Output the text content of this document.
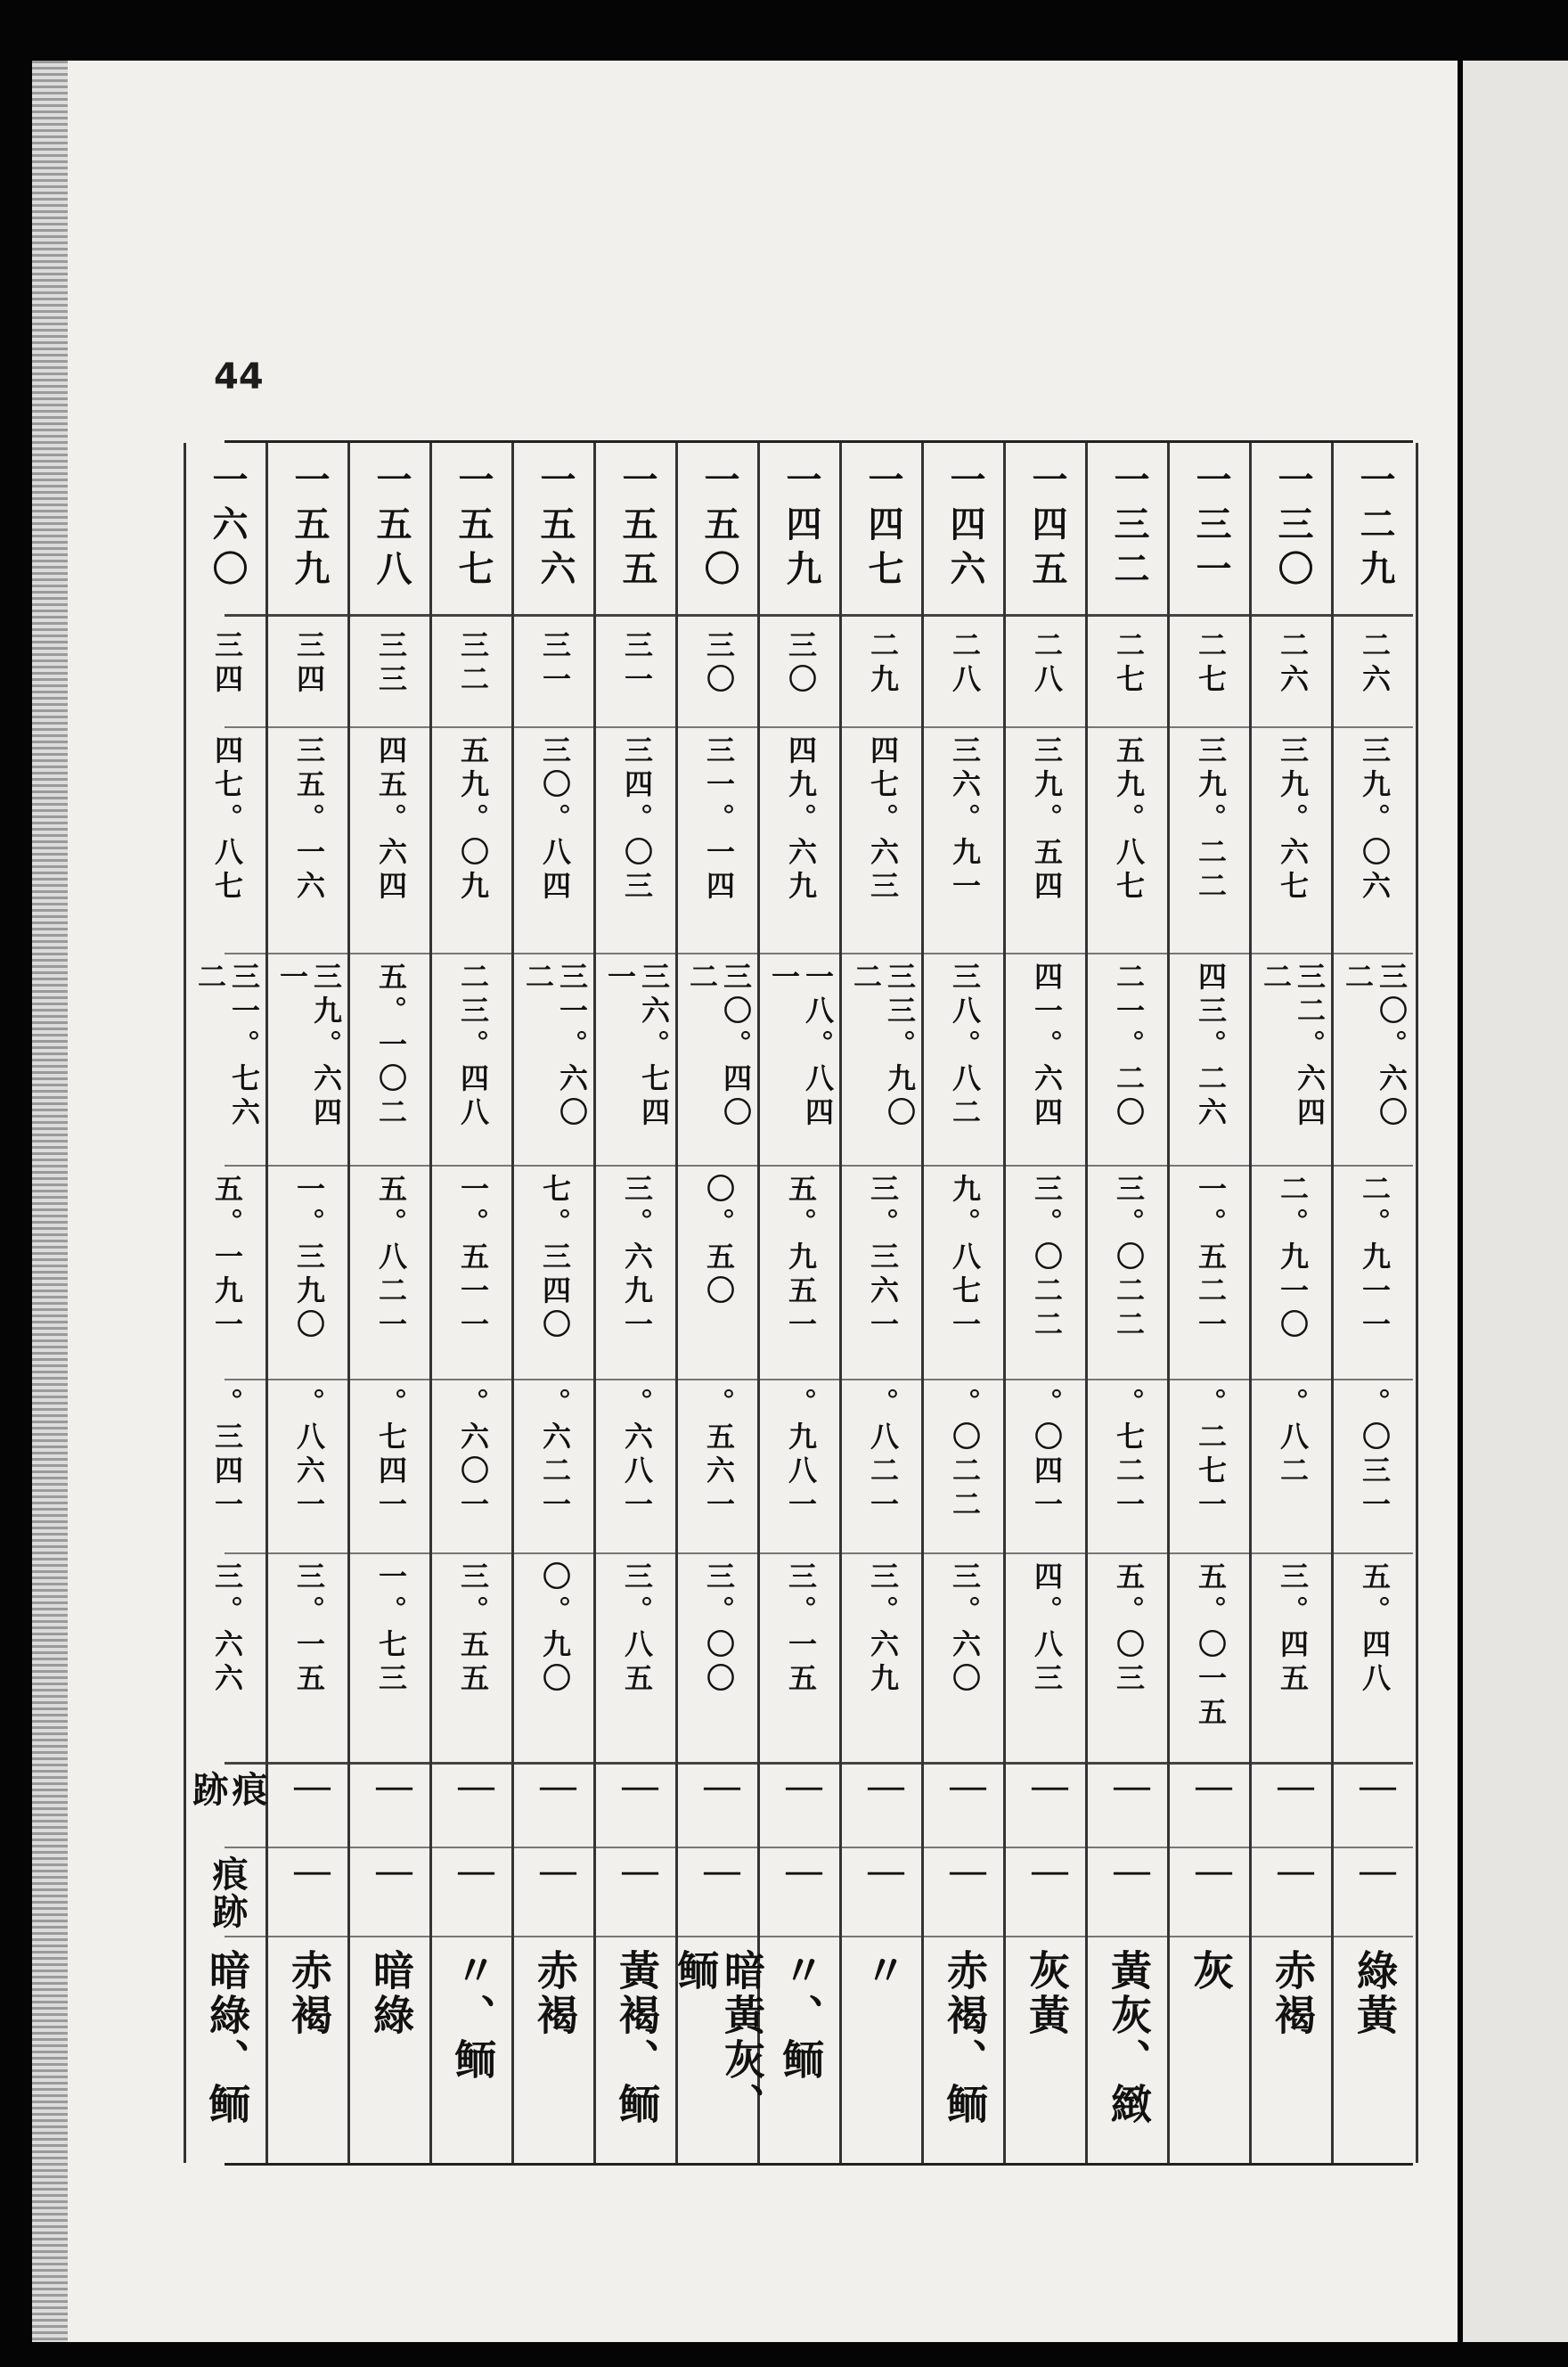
44
一二九
二六
三九。〇六
三〇。六〇二
二。九一一
。〇三一
五。四八
｜
｜
綠黃
一三〇
二六
三九。六七
三二。六四二
二。九一〇
。八二
三。四五
｜
｜
赤褐
一三一
二七
三九。二二
四三。二六
一。五二一
。二七一
五。〇一五
｜
｜
灰
一三二
二七
五九。八七
二一。二〇
三。〇二二
。七二一
五。〇三
｜
｜
黃灰、緻
一四五
二八
三九。五四
四一。六四
三。〇二二
。〇四一
四。八三
｜
｜
灰黃
一四六
二八
三六。九一
三八。八二
九。八七一
。〇二二
三。六〇
｜
｜
赤褐、鲕
一四七
二九
四七。六三
三三。九〇二
三。三六一
。八二一
三。六九
｜
｜
〃
一四九
三〇
四九。六九
一八。八四一
五。九五一
。九八一
三。一五
｜
｜
〃、鲕
一五〇
三〇
三一。一四
三〇。四〇二
〇。五〇
。五六一
三。〇〇
｜
｜
暗黃灰、鲕
一五五
三一
三四。〇三
三六。七四一
三。六九一
。六八一
三。八五
｜
｜
黃褐、鲕
一五六
三一
三〇。八四
三一。六〇二
七。三四〇
。六二一
〇。九〇
｜
｜
赤褐
一五七
三二
五九。〇九
二三。四八
一。五一一
。六〇一
三。五五
｜
｜
〃、鲕
一五八
三三
四五。六四
五。一〇二
五。八二一
。七四一
一。七三
｜
｜
暗綠
一五九
三四
三五。一六
三九。六四一
一。三九〇
。八六一
三。一五
｜
｜
赤褐
一六〇
三四
四七。八七
三一。七六二
五。一九一
。三四一
三。六六
痕跡
痕跡
暗綠、鲕
